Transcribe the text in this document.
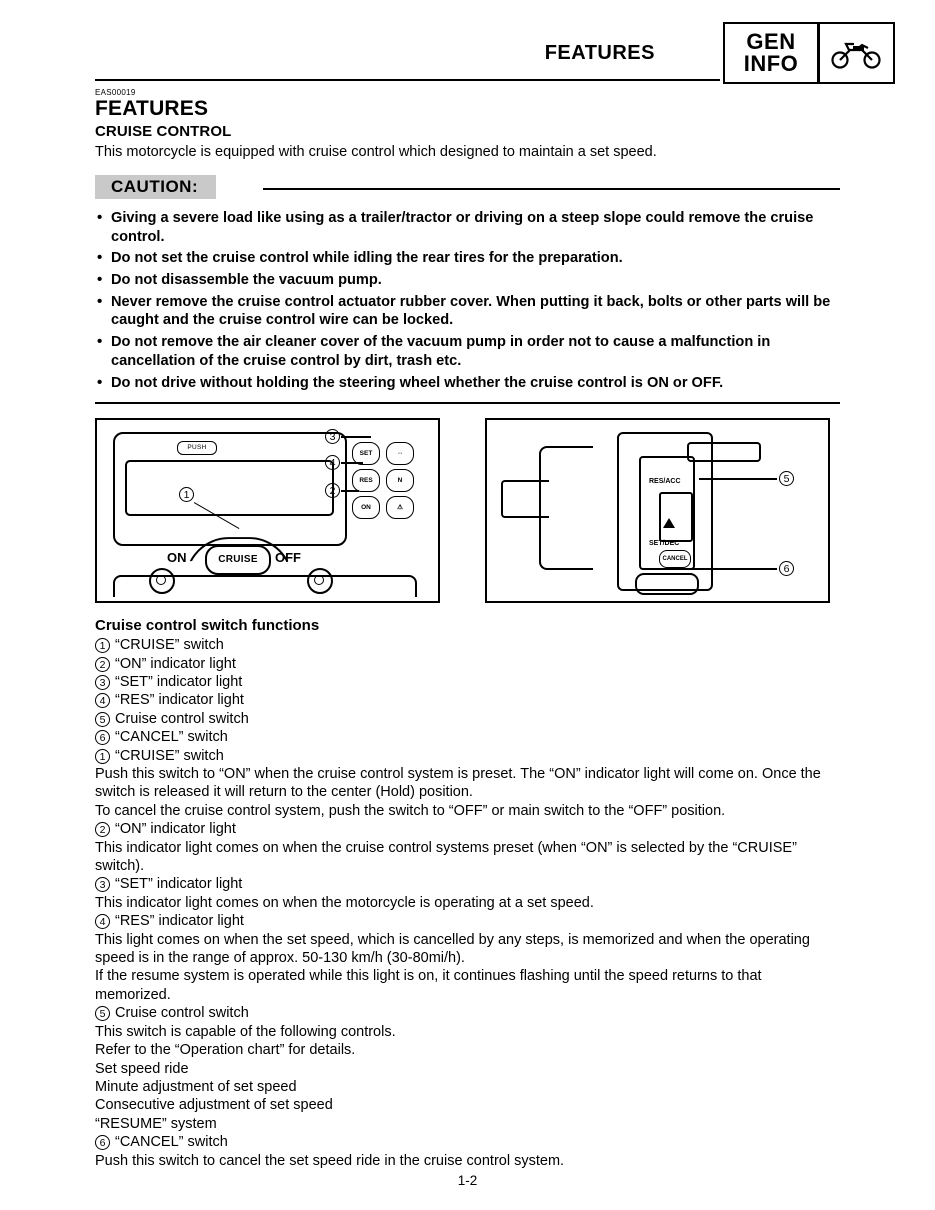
FEATURES	GEN
INFO
EAS00019
FEATURES
CRUISE CONTROL

This motorcycle is equipped with cruise control which designed to maintain a set speed.

CAUTION:
• Giving a severe load like using as a trailer/tractor or driving on a steep slope could remove the cruise control.
• Do not set the cruise control while idling the rear tires for the preparation.
• Do not disassemble the vacuum pump.
• Never remove the cruise control actuator rubber cover. When putting it back, bolts or other parts will be caught and the cruise control wire can be locked.
• Do not remove the air cleaner cover of the vacuum pump in order not to cause a malfunction in cancellation of the cruise control by dirt, trash etc.
• Do not drive without holding the steering wheel whether the cruise control is ON or OFF.
PUSH
SET	⇔
RES	N
ON	⚠
CRUISE
ON	OFF
1	2
3
4
RES/ACC
SET/DEC
CANCEL
5
6
Cruise control switch functions
1 “CRUISE” switch
2 “ON” indicator light
3 “SET” indicator light
4 “RES” indicator light
5 Cruise control switch
6 “CANCEL” switch
1 “CRUISE” switch

Push this switch to “ON” when the cruise control system is preset. The “ON” indicator light will come on. Once the switch is released it will return to the center (Hold) position.

To cancel the cruise control system, push the switch to “OFF” or main switch to the “OFF” position.

2 “ON” indicator light

This indicator light comes on when the cruise control systems preset (when “ON” is selected by the “CRUISE” switch).

3 “SET” indicator light

This indicator light comes on when the motorcycle is operating at a set speed.

4 “RES” indicator light

This light comes on when the set speed, which is cancelled by any steps, is memorized and when the operating speed is in the range of approx. 50-130 km/h (30-80mi/h).

If the resume system is operated while this light is on, it continues flashing until the speed returns to that memorized.

5 Cruise control switch

This switch is capable of the following controls.

Refer to the “Operation chart” for details.

Set speed ride

Minute adjustment of set speed

Consecutive adjustment of set speed

“RESUME” system

6 “CANCEL” switch

Push this switch to cancel the set speed ride in the cruise control system.

1-2
